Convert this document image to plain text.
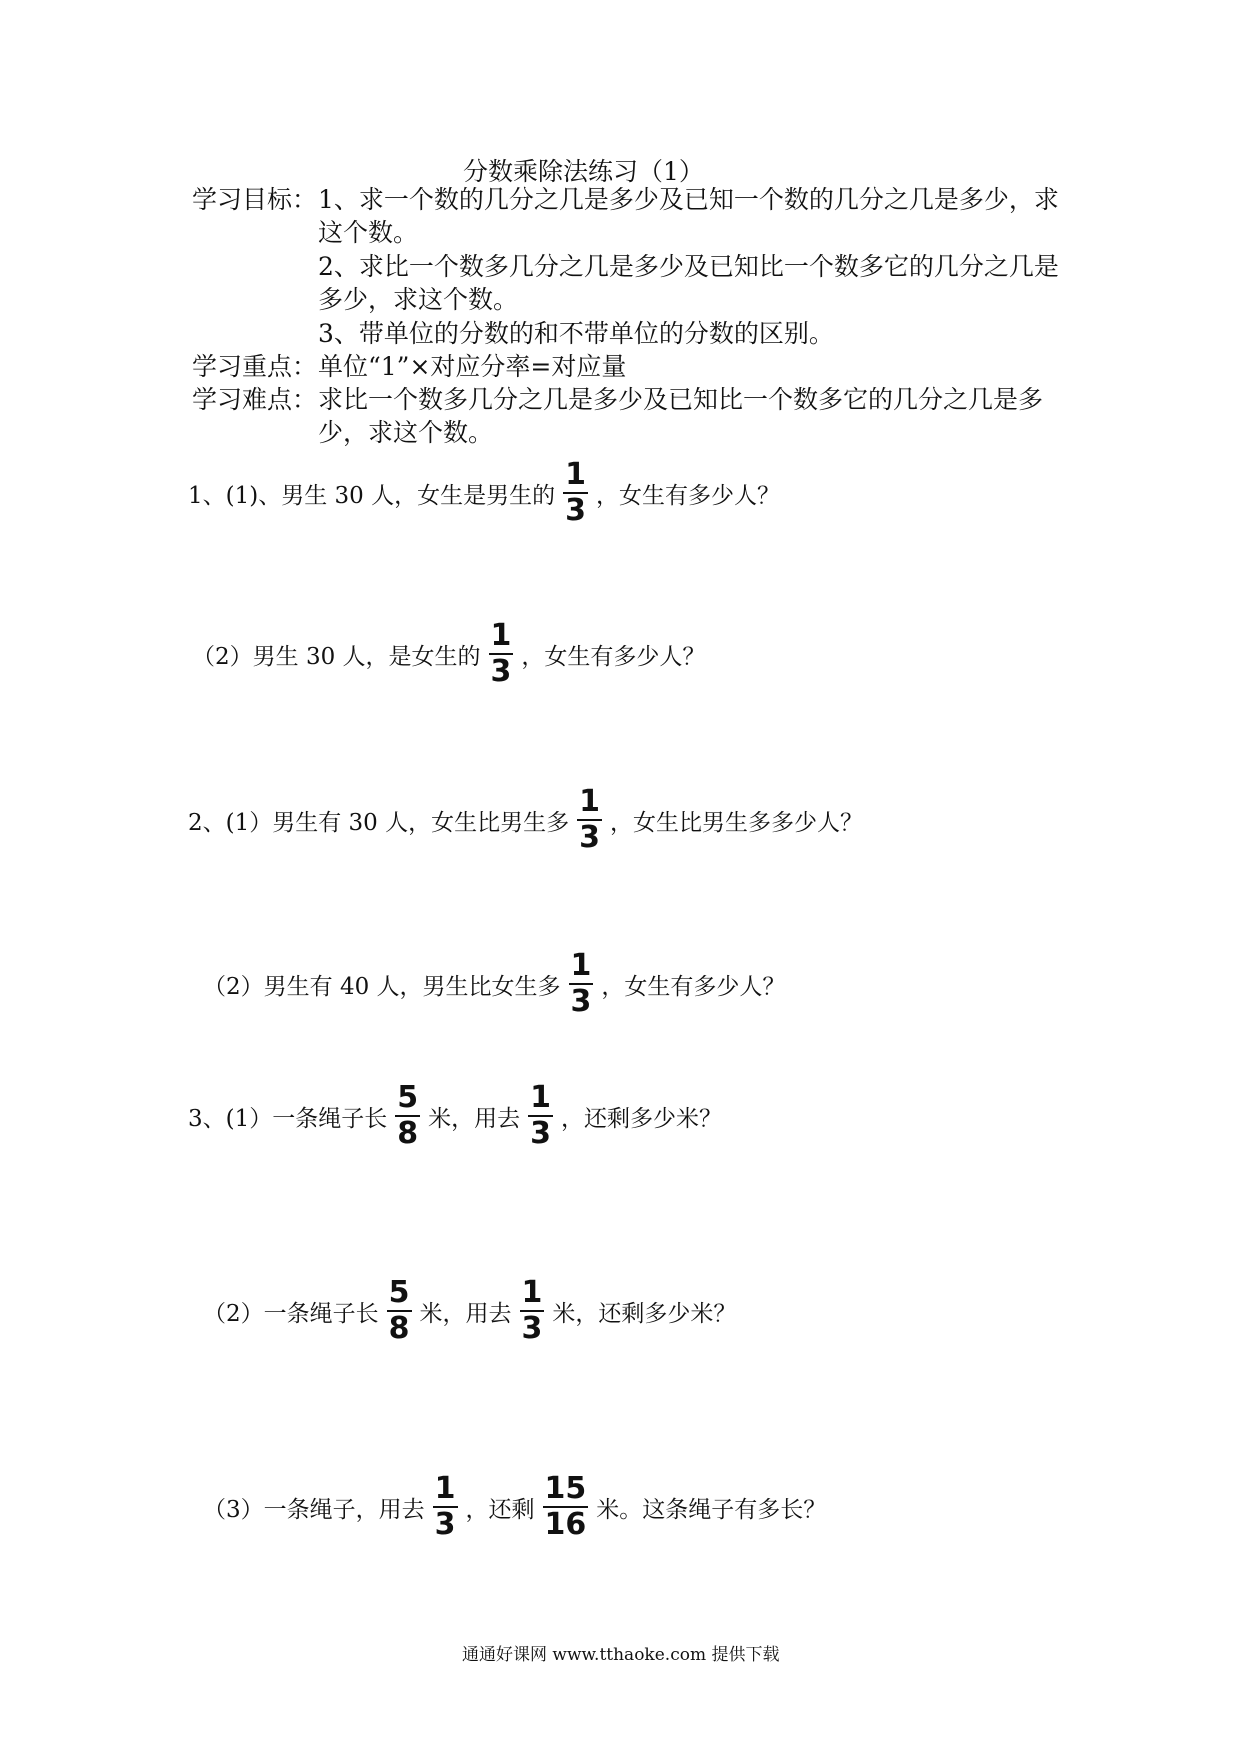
分数乘除法练习（1）
学习目标： 1、求一个数的几分之几是多少及已知一个数的几分之几是多少，求
这个数。
2、求比一个数多几分之几是多少及已知比一个数多它的几分之几是
多少，求这个数。
3、带单位的分数的和不带单位的分数的区别。
学习重点： 单位“1”×对应分率=对应量
学习难点： 求比一个数多几分之几是多少及已知比一个数多它的几分之几是多
少，求这个数。
1、(1)、男生 30 人，女生是男生的 $\frac{1}{3}$ ，女生有多少人？
（2）男生 30 人，是女生的 $\frac{1}{3}$ ，女生有多少人？
2、(1）男生有 30 人，女生比男生多 $\frac{1}{3}$ ，女生比男生多多少人？
（2）男生有 40 人，男生比女生多 $\frac{1}{3}$ ，女生有多少人？
3、(1）一条绳子长 $\frac{5}{8}$ 米，用去 $\frac{1}{3}$ ，还剩多少米？
（2）一条绳子长 $\frac{5}{8}$ 米，用去 $\frac{1}{3}$ 米，还剩多少米？
（3）一条绳子，用去 $\frac{1}{3}$ ，还剩 $\frac{15}{16}$ 米。这条绳子有多长？
通通好课网 www.tthaoke.com 提供下载
